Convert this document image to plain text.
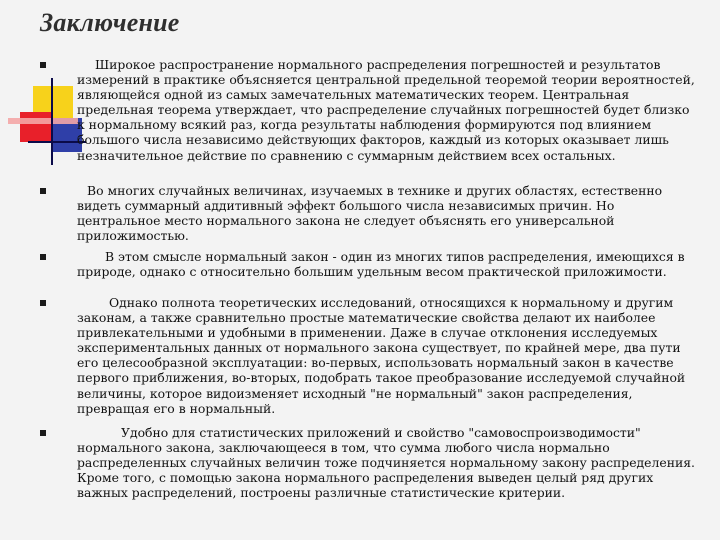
Заключение
Широкое распространение нормального распределения погрешностей и результатов измерений в практике объясняется центральной предельной теоремой теории вероятностей, являющейся одной из самых замечательных математических теорем. Центральная предельная теорема утверждает, что распределение случайных погрешностей будет близко к нормальному всякий раз, когда результаты наблюдения формируются под влиянием большого числа независимо действующих факторов, каждый из которых оказывает лишь незначительное действие по сравнению с суммарным действием всех остальных.
Во многих случайных величинах, изучаемых в технике и других областях, естественно видеть суммарный аддитивный эффект большого числа независимых причин. Но центральное место нормального закона не следует объяснять его универсальной приложимостью.
В этом смысле нормальный закон - один из многих типов распределения, имеющихся в природе, однако с относительно большим удельным весом практической приложимости.
Однако полнота теоретических исследований, относящихся к нормальному и другим законам, а также сравнительно простые математические свойства делают их наиболее привлекательными и удобными в применении. Даже в случае отклонения исследуемых экспериментальных данных от нормального закона существует, по крайней мере, два пути его целесообразной эксплуатации: во-первых, использовать нормальный закон в качестве первого приближения, во-вторых, подобрать такое преобразование исследуемой случайной величины, которое видоизменяет исходный "не нормальный" закон распределения, превращая его в нормальный.
Удобно для статистических приложений и свойство "самовоспроизводимости" нормального закона, заключающееся в том, что сумма любого числа нормально распределенных случайных величин тоже подчиняется нормальному закону распределения. Кроме того, с помощью закона нормального распределения выведен целый ряд других важных распределений, построены различные статистические критерии.
